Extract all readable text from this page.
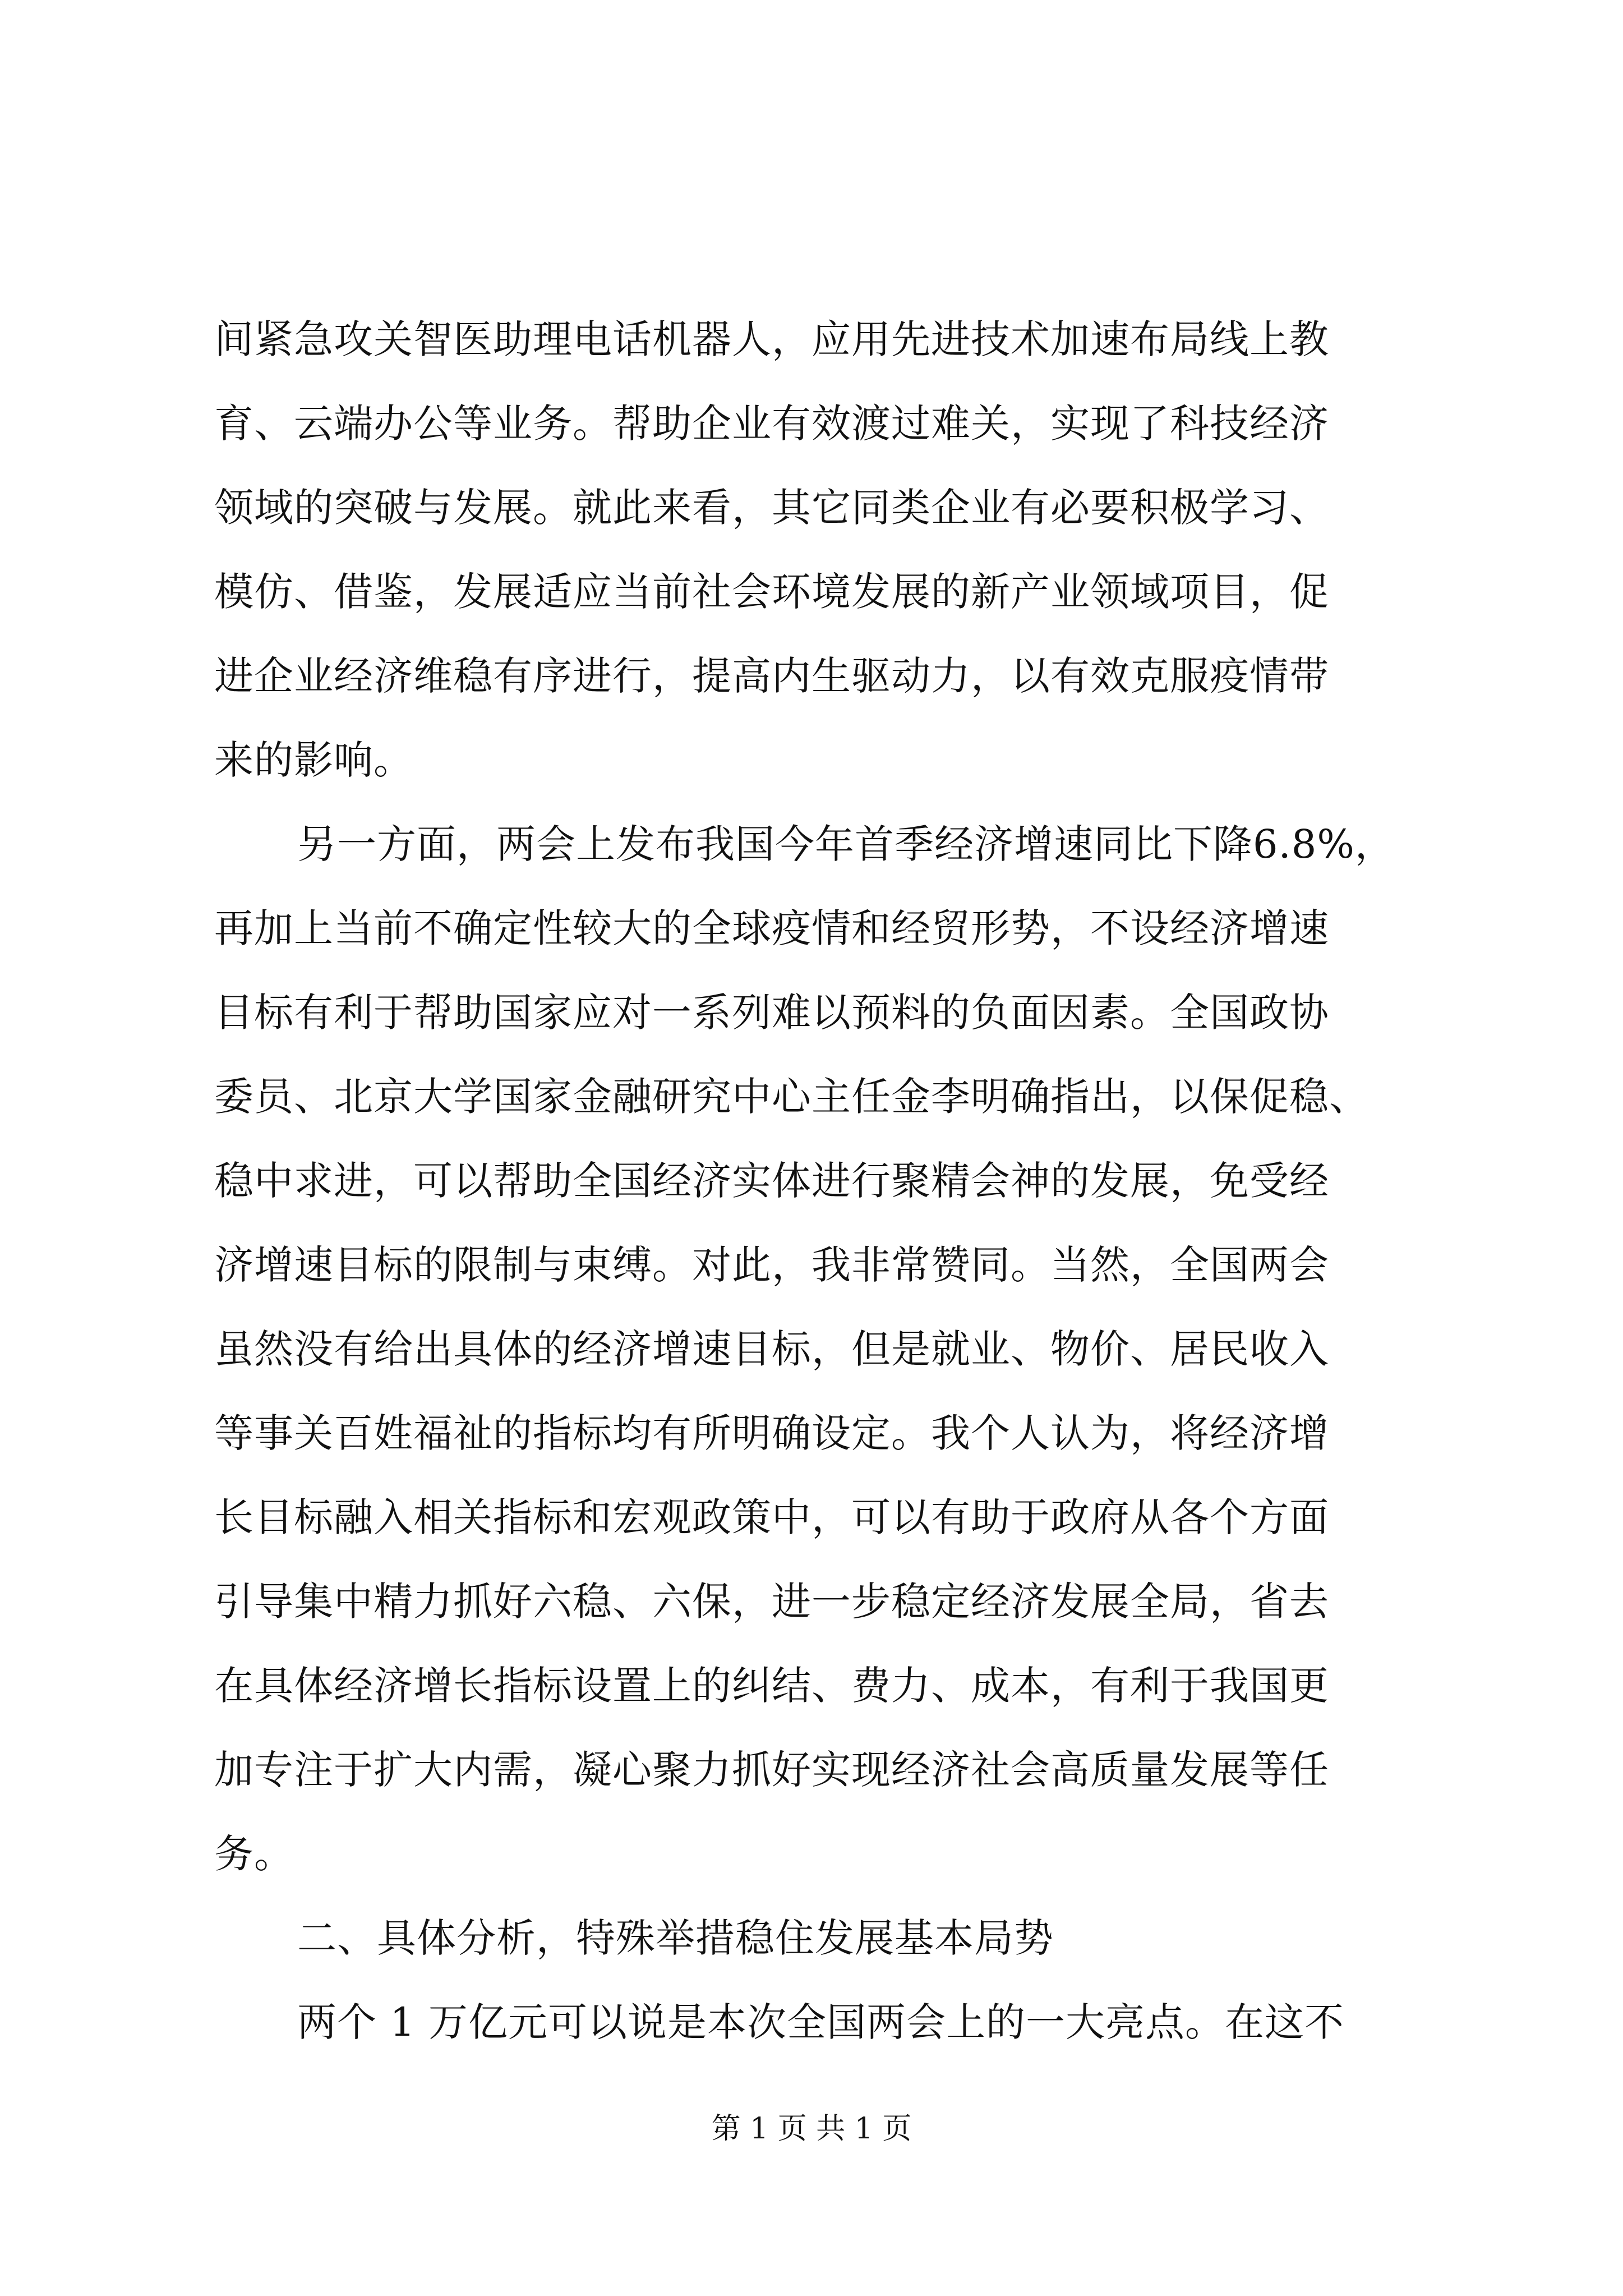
间紧急攻关智医助理电话机器人，应用先进技术加速布局线上教
育、云端办公等业务。帮助企业有效渡过难关，实现了科技经济
领域的突破与发展。就此来看，其它同类企业有必要积极学习、
模仿、借鉴，发展适应当前社会环境发展的新产业领域项目，促
进企业经济维稳有序进行，提高内生驱动力，以有效克服疫情带
来的影响。
另一方面，两会上发布我国今年首季经济增速同比下降6.8%，
再加上当前不确定性较大的全球疫情和经贸形势，不设经济增速
目标有利于帮助国家应对一系列难以预料的负面因素。全国政协
委员、北京大学国家金融研究中心主任金李明确指出，以保促稳、
稳中求进，可以帮助全国经济实体进行聚精会神的发展，免受经
济增速目标的限制与束缚。对此，我非常赞同。当然，全国两会
虽然没有给出具体的经济增速目标，但是就业、物价、居民收入
等事关百姓福祉的指标均有所明确设定。我个人认为，将经济增
长目标融入相关指标和宏观政策中，可以有助于政府从各个方面
引导集中精力抓好六稳、六保，进一步稳定经济发展全局，省去
在具体经济增长指标设置上的纠结、费力、成本，有利于我国更
加专注于扩大内需，凝心聚力抓好实现经济社会高质量发展等任
务。
二、具体分析，特殊举措稳住发展基本局势
两个 1 万亿元可以说是本次全国两会上的一大亮点。在这不
第 1 页 共 1 页
